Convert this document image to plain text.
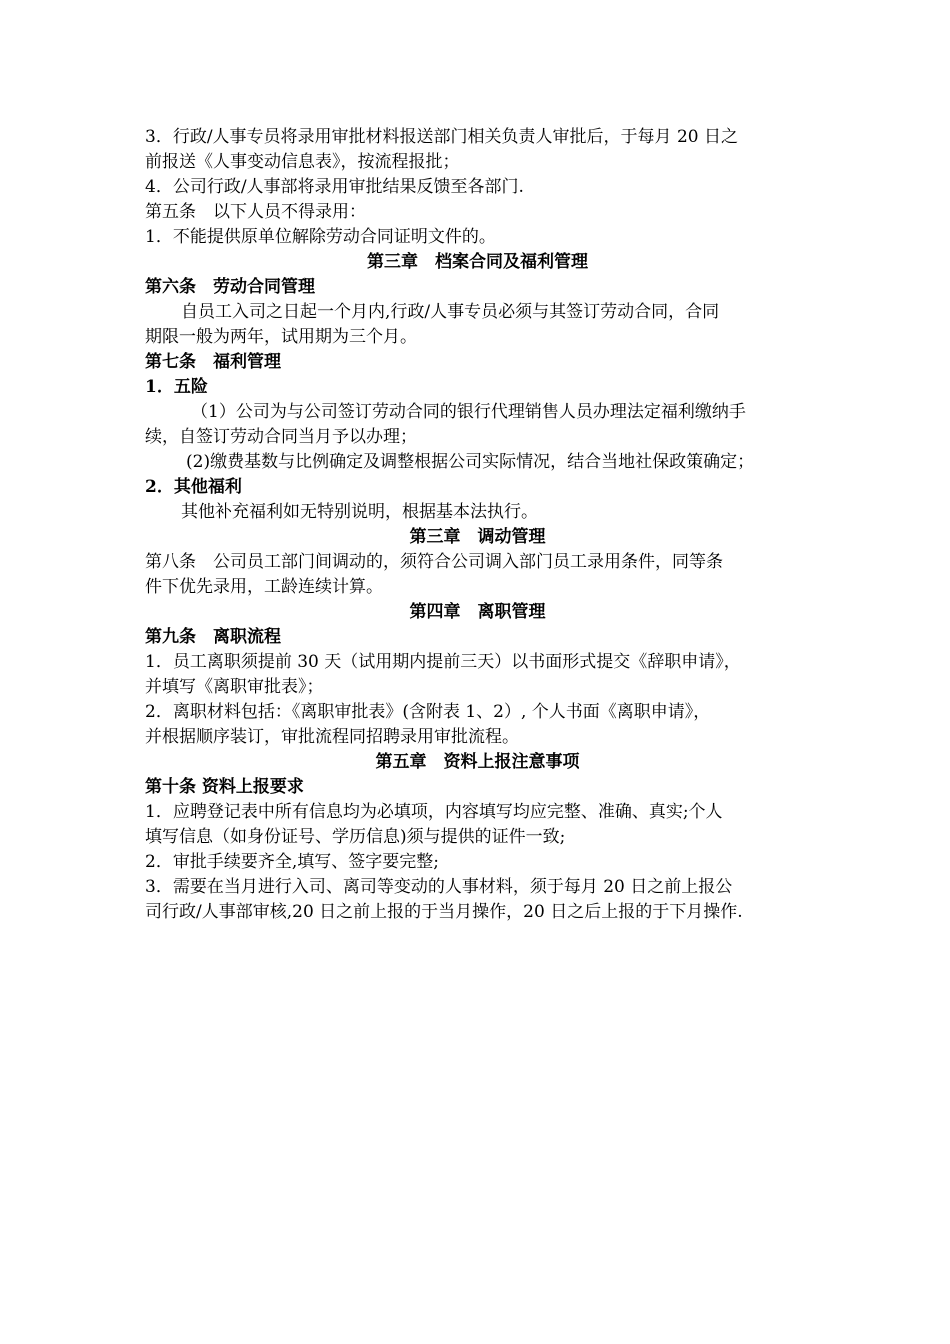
3．行政/人事专员将录用审批材料报送部门相关负责人审批后，于每月 20 日之
前报送《人事变动信息表》，按流程报批；
4．公司行政/人事部将录用审批结果反馈至各部门.
第五条　以下人员不得录用：
1．不能提供原单位解除劳动合同证明文件的。
第三章　档案合同及福利管理
第六条　劳动合同管理
自员工入司之日起一个月内,行政/人事专员必须与其签订劳动合同，合同
期限一般为两年，试用期为三个月。
第七条　福利管理
1．五险
（1）公司为与公司签订劳动合同的银行代理销售人员办理法定福利缴纳手
续，自签订劳动合同当月予以办理；
(2)缴费基数与比例确定及调整根据公司实际情况，结合当地社保政策确定；
2．其他福利
其他补充福利如无特别说明，根据基本法执行。
第三章　调动管理
第八条　公司员工部门间调动的，须符合公司调入部门员工录用条件，同等条
件下优先录用，工龄连续计算。
第四章　离职管理
第九条　离职流程
1．员工离职须提前 30 天（试用期内提前三天）以书面形式提交《辞职申请》，
并填写《离职审批表》；
2．离职材料包括：《离职审批表》(含附表 1、2）, 个人书面《离职申请》，
并根据顺序装订，审批流程同招聘录用审批流程。
第五章　资料上报注意事项
第十条 资料上报要求
1．应聘登记表中所有信息均为必填项，内容填写均应完整、准确、真实;个人
填写信息（如身份证号、学历信息)须与提供的证件一致;
2．审批手续要齐全,填写、签字要完整;
3．需要在当月进行入司、离司等变动的人事材料，须于每月 20 日之前上报公
司行政/人事部审核,20 日之前上报的于当月操作，20 日之后上报的于下月操作.
